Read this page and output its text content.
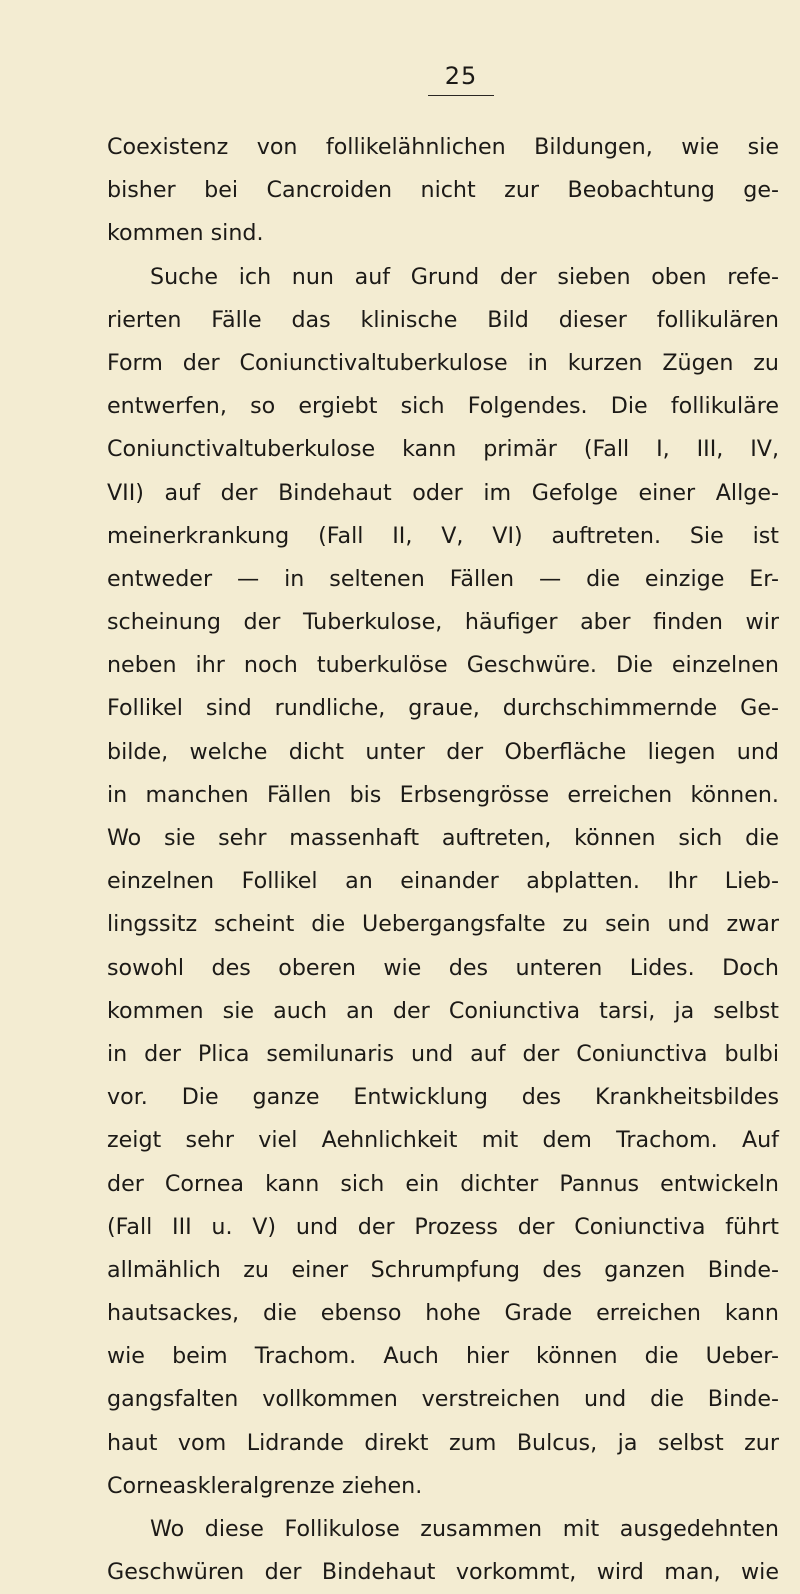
25
Coexistenz von follikelähnlichen Bildungen, wie sie
bisher bei Cancroiden nicht zur Beobachtung ge-
kommen sind.
Suche ich nun auf Grund der sieben oben refe-
rierten Fälle das klinische Bild dieser follikulären
Form der Coniunctivaltuberkulose in kurzen Zügen zu
entwerfen, so ergiebt sich Folgendes. Die follikuläre
Coniunctivaltuberkulose kann primär (Fall I, III, IV,
VII) auf der Bindehaut oder im Gefolge einer Allge-
meinerkrankung (Fall II, V, VI) auftreten. Sie ist
entweder — in seltenen Fällen — die einzige Er-
scheinung der Tuberkulose, häufiger aber finden wir
neben ihr noch tuberkulöse Geschwüre. Die einzelnen
Follikel sind rundliche, graue, durchschimmernde Ge-
bilde, welche dicht unter der Oberfläche liegen und
in manchen Fällen bis Erbsengrösse erreichen können.
Wo sie sehr massenhaft auftreten, können sich die
einzelnen Follikel an einander abplatten. Ihr Lieb-
lingssitz scheint die Uebergangsfalte zu sein und zwar
sowohl des oberen wie des unteren Lides. Doch
kommen sie auch an der Coniunctiva tarsi, ja selbst
in der Plica semilunaris und auf der Coniunctiva bulbi
vor. Die ganze Entwicklung des Krankheitsbildes
zeigt sehr viel Aehnlichkeit mit dem Trachom. Auf
der Cornea kann sich ein dichter Pannus entwickeln
(Fall III u. V) und der Prozess der Coniunctiva führt
allmählich zu einer Schrumpfung des ganzen Binde-
hautsackes, die ebenso hohe Grade erreichen kann
wie beim Trachom. Auch hier können die Ueber-
gangsfalten vollkommen verstreichen und die Binde-
haut vom Lidrande direkt zum Bulcus, ja selbst zur
Corneaskleralgrenze ziehen.
Wo diese Follikulose zusammen mit ausgedehnten
Geschwüren der Bindehaut vorkommt, wird man, wie
